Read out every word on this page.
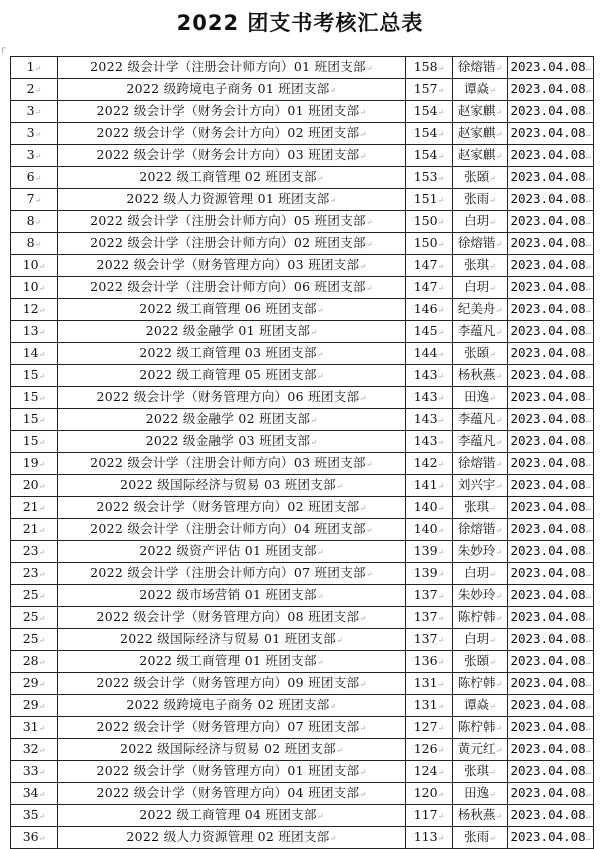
2022 团支书考核汇总表
┌
1↵	2022 级会计学（注册会计师方向）01 班团支部↵	158↵	徐熔锴↵	2023.04.08↵
2↵	2022 级跨境电子商务 01 班团支部↵	157↵	谭焱↵	2023.04.08↵
3↵	2022 级会计学（财务会计方向）01 班团支部↵	154↵	赵家麒↵	2023.04.08↵
3↵	2022 级会计学（财务会计方向）02 班团支部↵	154↵	赵家麒↵	2023.04.08↵
3↵	2022 级会计学（财务会计方向）03 班团支部↵	154↵	赵家麒↵	2023.04.08↵
6↵	2022 级工商管理 02 班团支部↵	153↵	张頣↵	2023.04.08↵
7↵	2022 级人力资源管理 01 班团支部↵	151↵	张雨↵	2023.04.08↵
8↵	2022 级会计学（注册会计师方向）05 班团支部↵	150↵	白玥↵	2023.04.08↵
8↵	2022 级会计学（注册会计师方向）02 班团支部↵	150↵	徐熔锴↵	2023.04.08↵
10↵	2022 级会计学（财务管理方向）03 班团支部↵	147↵	张琪↵	2023.04.08↵
10↵	2022 级会计学（注册会计师方向）06 班团支部↵	147↵	白玥↵	2023.04.08↵
12↵	2022 级工商管理 06 班团支部↵	146↵	纪美舟↵	2023.04.08↵
13↵	2022 级金融学 01 班团支部↵	145↵	李蕴凡↵	2023.04.08↵
14↵	2022 级工商管理 03 班团支部↵	144↵	张頣↵	2023.04.08↵
15↵	2022 级工商管理 05 班团支部↵	143↵	杨秋燕↵	2023.04.08↵
15↵	2022 级会计学（财务管理方向）06 班团支部↵	143↵	田逸↵	2023.04.08↵
15↵	2022 级金融学 02 班团支部↵	143↵	李蕴凡↵	2023.04.08↵
15↵	2022 级金融学 03 班团支部↵	143↵	李蕴凡↵	2023.04.08↵
19↵	2022 级会计学（注册会计师方向）03 班团支部↵	142↵	徐熔锴↵	2023.04.08↵
20↵	2022 级国际经济与贸易 03 班团支部↵	141↵	刘兴宇↵	2023.04.08↵
21↵	2022 级会计学（财务管理方向）02 班团支部↵	140↵	张琪↵	2023.04.08↵
21↵	2022 级会计学（注册会计师方向）04 班团支部↵	140↵	徐熔锴↵	2023.04.08↵
23↵	2022 级资产评估 01 班团支部↵	139↵	朱妙玲↵	2023.04.08↵
23↵	2022 级会计学（注册会计师方向）07 班团支部↵	139↵	白玥↵	2023.04.08↵
25↵	2022 级市场营销 01 班团支部↵	137↵	朱妙玲↵	2023.04.08↵
25↵	2022 级会计学（财务管理方向）08 班团支部↵	137↵	陈柠韩↵	2023.04.08↵
25↵	2022 级国际经济与贸易 01 班团支部↵	137↵	白玥↵	2023.04.08↵
28↵	2022 级工商管理 01 班团支部↵	136↵	张頣↵	2023.04.08↵
29↵	2022 级会计学（财务管理方向）09 班团支部↵	131↵	陈柠韩↵	2023.04.08↵
29↵	2022 级跨境电子商务 02 班团支部↵	131↵	谭焱↵	2023.04.08↵
31↵	2022 级会计学（财务管理方向）07 班团支部↵	127↵	陈柠韩↵	2023.04.08↵
32↵	2022 级国际经济与贸易 02 班团支部↵	126↵	黄元红↵	2023.04.08↵
33↵	2022 级会计学（财务管理方向）01 班团支部↵	124↵	张琪↵	2023.04.08↵
34↵	2022 级会计学（财务管理方向）04 班团支部↵	120↵	田逸↵	2023.04.08↵
35↵	2022 级工商管理 04 班团支部↵	117↵	杨秋燕↵	2023.04.08↵
36↵	2022 级人力资源管理 02 班团支部↵	113↵	张雨↵	2023.04.08↵
